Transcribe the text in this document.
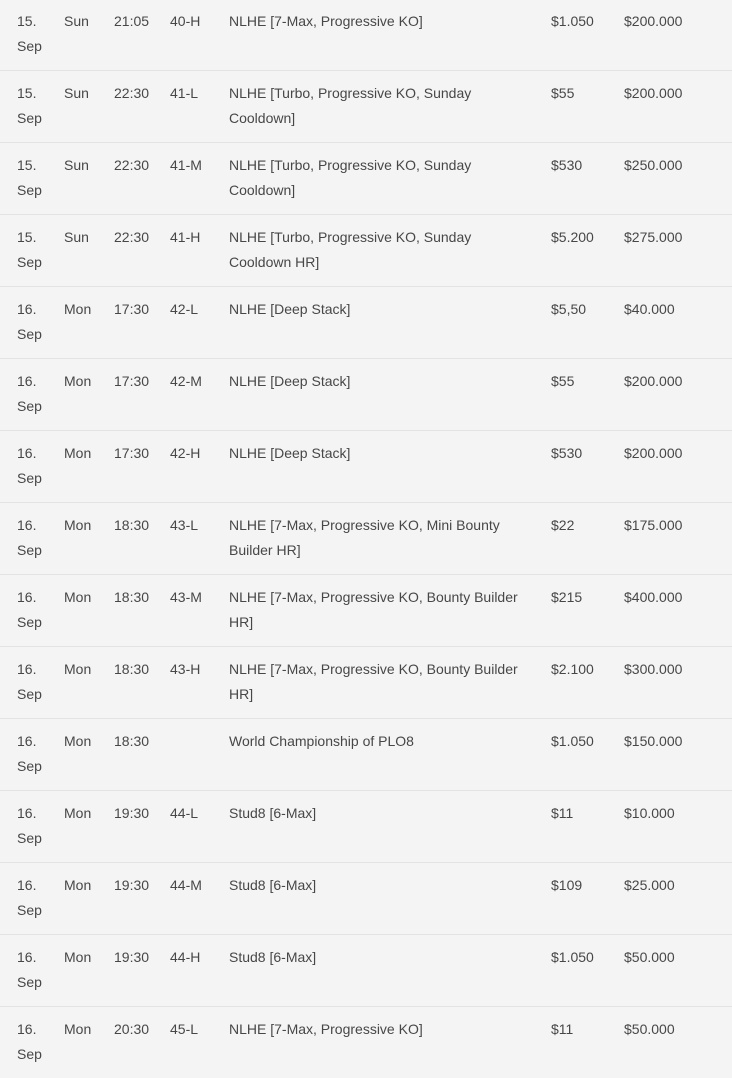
15. Sep	Sun	21:05	40-H	NLHE [7-Max, Progressive KO]	$1.050	$200.000
15. Sep	Sun	22:30	41-L	NLHE [Turbo, Progressive KO, Sunday Cooldown]	$55	$200.000
15. Sep	Sun	22:30	41-M	NLHE [Turbo, Progressive KO, Sunday Cooldown]	$530	$250.000
15. Sep	Sun	22:30	41-H	NLHE [Turbo, Progressive KO, Sunday Cooldown HR]	$5.200	$275.000
16. Sep	Mon	17:30	42-L	NLHE [Deep Stack]	$5,50	$40.000
16. Sep	Mon	17:30	42-M	NLHE [Deep Stack]	$55	$200.000
16. Sep	Mon	17:30	42-H	NLHE [Deep Stack]	$530	$200.000
16. Sep	Mon	18:30	43-L	NLHE [7-Max, Progressive KO, Mini Bounty Builder HR]	$22	$175.000
16. Sep	Mon	18:30	43-M	NLHE [7-Max, Progressive KO, Bounty Builder HR]	$215	$400.000
16. Sep	Mon	18:30	43-H	NLHE [7-Max, Progressive KO, Bounty Builder HR]	$2.100	$300.000
16. Sep	Mon	18:30		World Championship of PLO8	$1.050	$150.000
16. Sep	Mon	19:30	44-L	Stud8 [6-Max]	$11	$10.000
16. Sep	Mon	19:30	44-M	Stud8 [6-Max]	$109	$25.000
16. Sep	Mon	19:30	44-H	Stud8 [6-Max]	$1.050	$50.000
16. Sep	Mon	20:30	45-L	NLHE [7-Max, Progressive KO]	$11	$50.000
